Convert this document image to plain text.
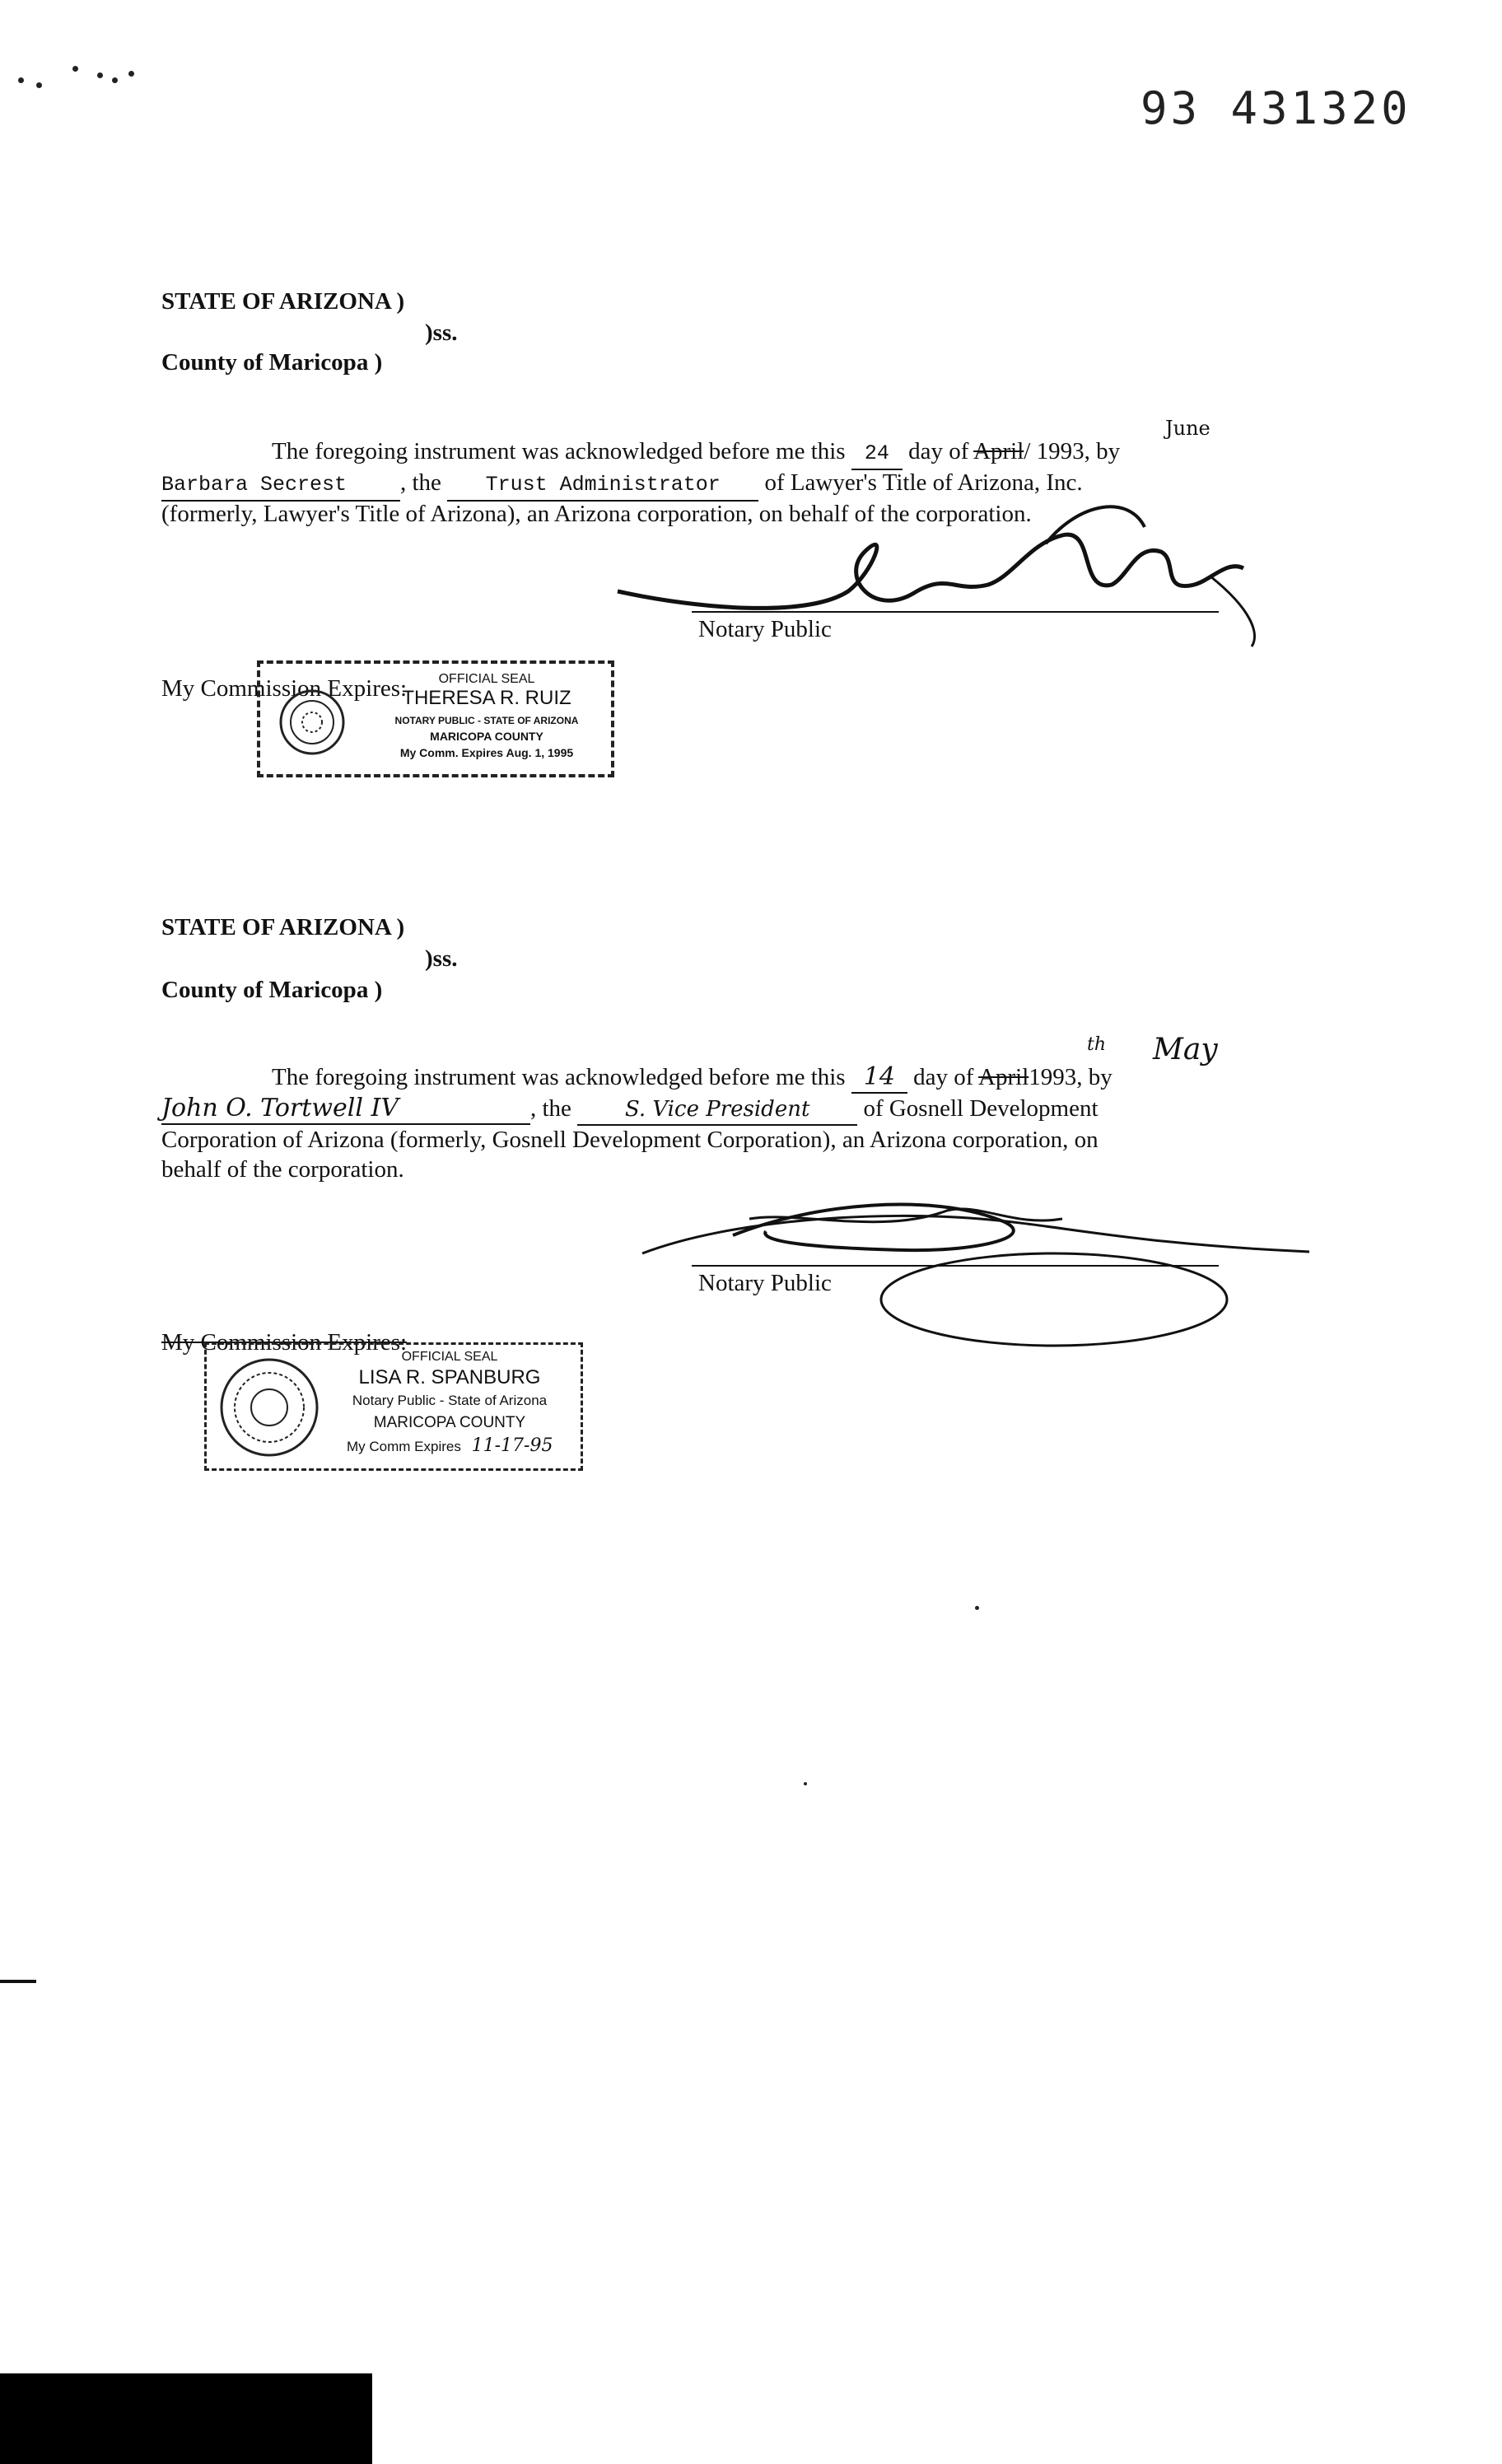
93 431320
STATE OF ARIZONA )
)ss.
County of Maricopa )
June
The foregoing instrument was acknowledged before me this 24 day of April/ 1993, by
Barbara Secrest , the Trust Administrator of Lawyer's Title of Arizona, Inc.
(formerly, Lawyer's Title of Arizona), an Arizona corporation, on behalf of the corporation.
Notary Public
My Commission Expires:	OFFICIAL SEAL
THERESA R. RUIZ
NOTARY PUBLIC - STATE OF ARIZONA
MARICOPA COUNTY
My Comm. Expires Aug. 1, 1995
STATE OF ARIZONA )
)ss.
County of Maricopa )
May
th
The foregoing instrument was acknowledged before me this 14 day of April1993, by
John O. Tortwell IV	, the	S. Vice President of Gosnell Development
Corporation of Arizona (formerly, Gosnell Development Corporation), an Arizona corporation, on
behalf of the corporation.
Notary Public
My Commission Expires:
OFFICIAL SEAL
LISA R. SPANBURG
Notary Public - State of Arizona
MARICOPA COUNTY
My Comm Expires 11-17-95
